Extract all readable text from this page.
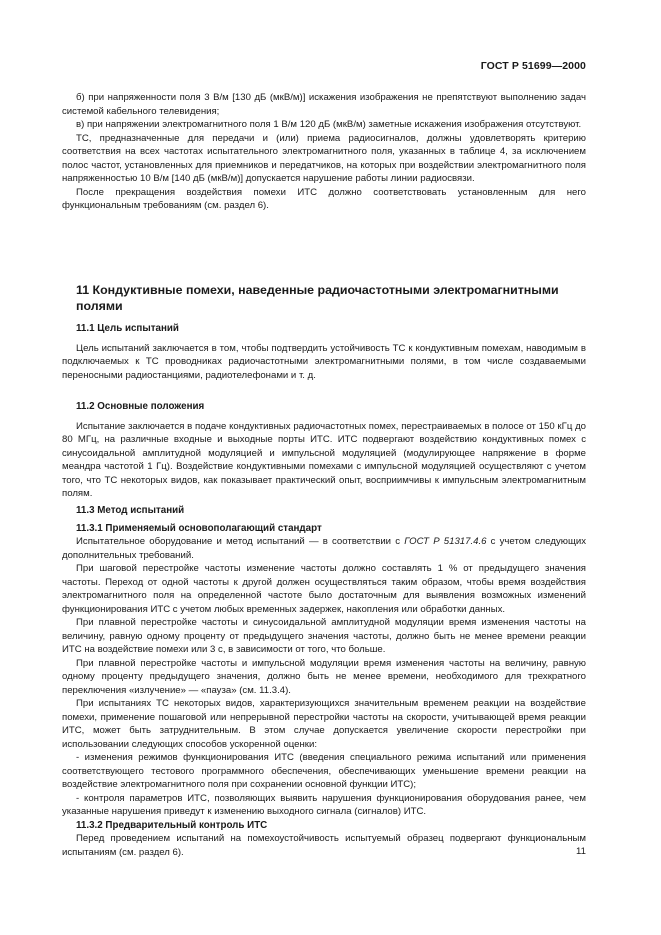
ГОСТ Р 51699—2000

б) при напряженности поля 3 В/м [130 дБ (мкВ/м)] искажения изображения не препятствуют выполнению задач системой кабельного телевидения;

в) при напряжении электромагнитного поля 1 В/м 120 дБ (мкВ/м) заметные искажения изображения отсутствуют.

ТС, предназначенные для передачи и (или) приема радиосигналов, должны удовлетворять критерию соответствия на всех частотах испытательного электромагнитного поля, указанных в таблице 4, за исключением полос частот, установленных для приемников и передатчиков, на которых при воздействии электромагнитного поля напряженностью 10 В/м [140 дБ (мкВ/м)] допускается нарушение работы линии радиосвязи.

После прекращения воздействия помехи ИТС должно соответствовать установленным для него функциональным требованиям (см. раздел 6).

11 Кондуктивные помехи, наведенные радиочастотными электромагнитными полями
11.1 Цель испытаний

Цель испытаний заключается в том, чтобы подтвердить устойчивость ТС к кондуктивным помехам, наводимым в подключаемых к ТС проводниках радиочастотными электромагнитными полями, в том числе создаваемыми переносными радиостанциями, радиотелефонами и т. д.

11.2 Основные положения

Испытание заключается в подаче кондуктивных радиочастотных помех, перестраиваемых в полосе от 150 кГц до 80 МГц, на различные входные и выходные порты ИТС. ИТС подвергают воздействию кондуктивных помех с синусоидальной амплитудной модуляцией и импульсной модуляцией (модулирующее напряжение в форме меандра частотой 1 Гц). Воздействие кондуктивными помехами с импульсной модуляцией осуществляют с учетом того, что ТС некоторых видов, как показывает практический опыт, восприимчивы к импульсным электромагнитным полям.

11.3 Метод испытаний
11.3.1 Применяемый основополагающий стандарт

Испытательное оборудование и метод испытаний — в соответствии с ГОСТ Р 51317.4.6 с учетом следующих дополнительных требований.

При шаговой перестройке частоты изменение частоты должно составлять 1 % от предыдущего значения частоты. Переход от одной частоты к другой должен осуществляться таким образом, чтобы время воздействия электромагнитного поля на определенной частоте было достаточным для выявления возможных изменений функционирования ИТС с учетом любых временных задержек, накопления или обработки данных.

При плавной перестройке частоты и синусоидальной амплитудной модуляции время изменения частоты на величину, равную одному проценту от предыдущего значения частоты, должно быть не менее времени реакции ИТС на воздействие помехи или 3 с, в зависимости от того, что больше.

При плавной перестройке частоты и импульсной модуляции время изменения частоты на величину, равную одному проценту предыдущего значения, должно быть не менее времени, необходимого для трехкратного переключения «излучение» — «пауза» (см. 11.3.4).

При испытаниях ТС некоторых видов, характеризующихся значительным временем реакции на воздействие помехи, применение пошаговой или непрерывной перестройки частоты на скорости, учитывающей время реакции ИТС, может быть затруднительным. В этом случае допускается увеличение скорости перестройки при использовании следующих способов ускоренной оценки:

- изменения режимов функционирования ИТС (введения специального режима испытаний или применения соответствующего тестового программного обеспечения, обеспечивающих уменьшение времени реакции на воздействие электромагнитного поля при сохранении основной функции ИТС);

- контроля параметров ИТС, позволяющих выявить нарушения функционирования оборудования ранее, чем указанные нарушения приведут к изменению выходного сигнала (сигналов) ИТС.

11.3.2 Предварительный контроль ИТС

Перед проведением испытаний на помехоустойчивость испытуемый образец подвергают функциональным испытаниям (см. раздел 6).	11
